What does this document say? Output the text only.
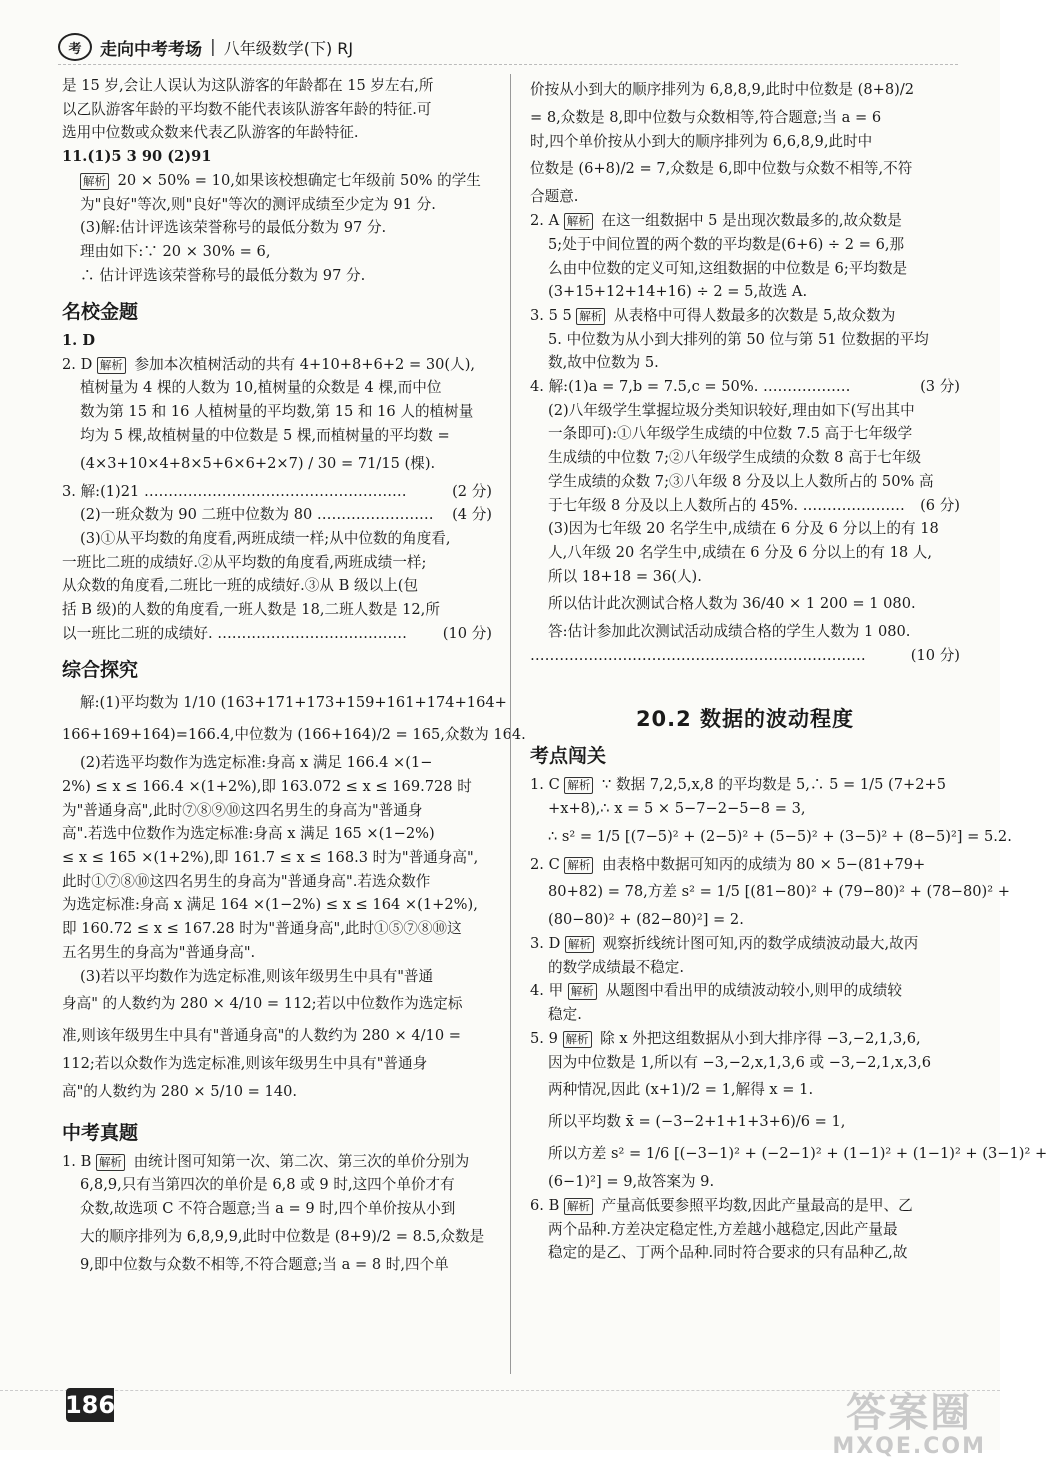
考	走向中考考场 | 八年级数学(下) RJ
是 15 岁,会让人误认为这队游客的年龄都在 15 岁左右,所
以乙队游客年龄的平均数不能代表该队游客年龄的特征.可
选用中位数或众数来代表乙队游客的年龄特征.
11.(1)5 3 90 (2)91
解析 20 × 50% = 10,如果该校想确定七年级前 50% 的学生
为"良好"等次,则"良好"等次的测评成绩至少定为 91 分.
(3)解:估计评选该荣誉称号的最低分数为 97 分.
理由如下:∵ 20 × 30% = 6,
∴ 估计评选该荣誉称号的最低分数为 97 分.
名校金题
1. D
2. D 解析 参加本次植树活动的共有 4+10+8+6+2 = 30(人),
植树量为 4 棵的人数为 10,植树量的众数是 4 棵,而中位
数为第 15 和 16 人植树量的平均数,第 15 和 16 人的植树量
均为 5 棵,故植树量的中位数是 5 棵,而植树量的平均数 =
(4×3+10×4+8×5+6×6+2×7) / 30 = 71/15 (棵).
3. 解:(1)21 ………………………………………………	(2 分)
(2)一班众数为 90 二班中位数为 80 …………………… (4 分)
(3)①从平均数的角度看,两班成绩一样;从中位数的角度看,
一班比二班的成绩好.②从平均数的角度看,两班成绩一样;
从众数的角度看,二班比一班的成绩好.③从 B 级以上(包
括 B 级)的人数的角度看,一班人数是 18,二班人数是 12,所
以一班比二班的成绩好. ………………………………… (10 分)
综合探究
解:(1)平均数为 1/10 (163+171+173+159+161+174+164+
166+169+164)=166.4,中位数为 (166+164)/2 = 165,众数为 164.
(2)若选平均数作为选定标准:身高 x 满足 166.4 ×(1−
2%) ≤ x ≤ 166.4 ×(1+2%),即 163.072 ≤ x ≤ 169.728 时
为"普通身高",此时⑦⑧⑨⑩这四名男生的身高为"普通身
高".若选中位数作为选定标准:身高 x 满足 165 ×(1−2%)
≤ x ≤ 165 ×(1+2%),即 161.7 ≤ x ≤ 168.3 时为"普通身高",
此时①⑦⑧⑩这四名男生的身高为"普通身高".若选众数作
为选定标准:身高 x 满足 164 ×(1−2%) ≤ x ≤ 164 ×(1+2%),
即 160.72 ≤ x ≤ 167.28 时为"普通身高",此时①⑤⑦⑧⑩这
五名男生的身高为"普通身高".
(3)若以平均数作为选定标准,则该年级男生中具有"普通
身高" 的人数约为 280 × 4/10 = 112;若以中位数作为选定标
准,则该年级男生中具有"普通身高"的人数约为 280 × 4/10 =
112;若以众数作为选定标准,则该年级男生中具有"普通身
高"的人数约为 280 × 5/10 = 140.
中考真题
1. B 解析 由统计图可知第一次、第二次、第三次的单价分别为
6,8,9,只有当第四次的单价是 6,8 或 9 时,这四个单价才有
众数,故选项 C 不符合题意;当 a = 9 时,四个单价按从小到
大的顺序排列为 6,8,9,9,此时中位数是 (8+9)/2 = 8.5,众数是
9,即中位数与众数不相等,不符合题意;当 a = 8 时,四个单
价按从小到大的顺序排列为 6,8,8,9,此时中位数是 (8+8)/2
= 8,众数是 8,即中位数与众数相等,符合题意;当 a = 6
时,四个单价按从小到大的顺序排列为 6,6,8,9,此时中
位数是 (6+8)/2 = 7,众数是 6,即中位数与众数不相等,不符
合题意.
2. A 解析 在这一组数据中 5 是出现次数最多的,故众数是
5;处于中间位置的两个数的平均数是(6+6) ÷ 2 = 6,那
么由中位数的定义可知,这组数据的中位数是 6;平均数是
(3+15+12+14+16) ÷ 2 = 5,故选 A.
3. 5 5 解析 从表格中可得人数最多的次数是 5,故众数为
5. 中位数为从小到大排列的第 50 位与第 51 位数据的平均
数,故中位数为 5.
4. 解:(1)a = 7,b = 7.5,c = 50%. ………………	(3 分)
(2)八年级学生掌握垃圾分类知识较好,理由如下(写出其中
一条即可):①八年级学生成绩的中位数 7.5 高于七年级学
生成绩的中位数 7;②八年级学生成绩的众数 8 高于七年级
学生成绩的众数 7;③八年级 8 分及以上人数所占的 50% 高
于七年级 8 分及以上人数所占的 45%. ………………… (6 分)
(3)因为七年级 20 名学生中,成绩在 6 分及 6 分以上的有 18
人,八年级 20 名学生中,成绩在 6 分及 6 分以上的有 18 人,
所以 18+18 = 36(人).
所以估计此次测试合格人数为 36/40 × 1 200 = 1 080.
答:估计参加此次测试活动成绩合格的学生人数为 1 080.
……………………………………………………………	(10 分)
20.2 数据的波动程度
考点闯关
1. C 解析 ∵ 数据 7,2,5,x,8 的平均数是 5,∴ 5 = 1/5 (7+2+5
+x+8),∴ x = 5 × 5−7−2−5−8 = 3,
∴ s² = 1/5 [(7−5)² + (2−5)² + (5−5)² + (3−5)² + (8−5)²] = 5.2.
2. C 解析 由表格中数据可知丙的成绩为 80 × 5−(81+79+
80+82) = 78,方差 s² = 1/5 [(81−80)² + (79−80)² + (78−80)² +
(80−80)² + (82−80)²] = 2.
3. D 解析 观察折线统计图可知,丙的数学成绩波动最大,故丙
的数学成绩最不稳定.
4. 甲 解析 从题图中看出甲的成绩波动较小,则甲的成绩较
稳定.
5. 9 解析 除 x 外把这组数据从小到大排序得 −3,−2,1,3,6,
因为中位数是 1,所以有 −3,−2,x,1,3,6 或 −3,−2,1,x,3,6
两种情况,因此 (x+1)/2 = 1,解得 x = 1.
所以平均数 x̄ = (−3−2+1+1+3+6)/6 = 1,
所以方差 s² = 1/6 [(−3−1)² + (−2−1)² + (1−1)² + (1−1)² + (3−1)² +
(6−1)²] = 9,故答案为 9.
6. B 解析 产量高低要参照平均数,因此产量最高的是甲、乙
两个品种.方差决定稳定性,方差越小越稳定,因此产量最
稳定的是乙、丁两个品种.同时符合要求的只有品种乙,故
186	答案圈
MXQE.COM
